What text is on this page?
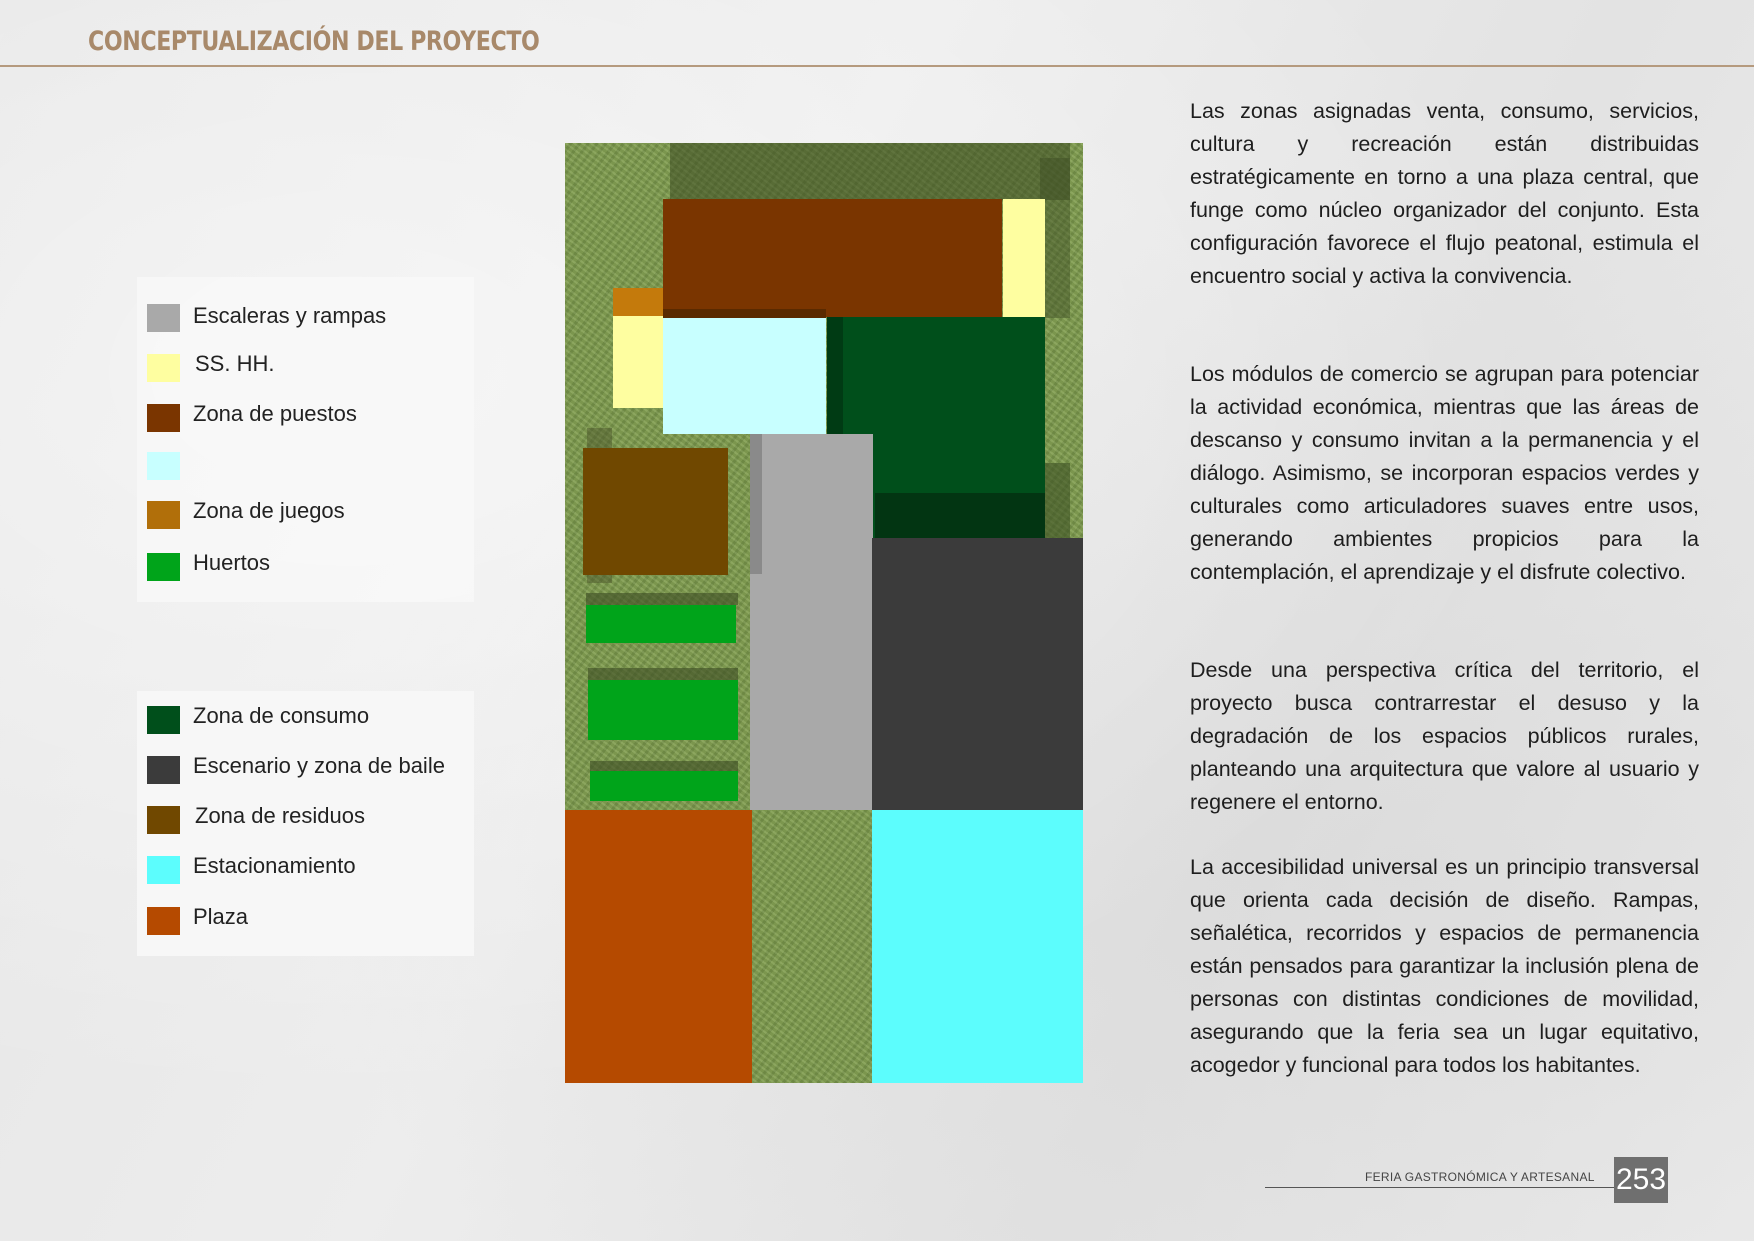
CONCEPTUALIZACIÓN DEL PROYECTO
Escaleras y rampas
SS. HH.
Zona de puestos
Zona de juegos
Huertos
Zona de consumo
Escenario y zona de baile
Zona de residuos
Estacionamiento
Plaza

Las zonas asignadas venta, consumo, servicios, cultura y recreación están distribuidas estratégicamente en torno a una plaza central, que funge como núcleo organizador del conjunto. Esta configuración favorece el flujo peatonal, estimula el encuentro social y activa la convivencia.

Los módulos de comercio se agrupan para potenciar la actividad económica, mientras que las áreas de descanso y consumo invitan a la permanencia y el diálogo. Asimismo, se incorporan espacios verdes y culturales como articuladores suaves entre usos, generando ambientes propicios para la contemplación, el aprendizaje y el disfrute colectivo.

Desde una perspectiva crítica del territorio, el proyecto busca contrarrestar el desuso y la degradación de los espacios públicos rurales, planteando una arquitectura que valore al usuario y regenere el entorno.

La accesibilidad universal es un principio transversal que orienta cada decisión de diseño. Rampas, señalética, recorridos y espacios de permanencia están pensados para garantizar la inclusión plena de personas con distintas condiciones de movilidad, asegurando que la feria sea un lugar equitativo, acogedor y funcional para todos los habitantes.

FERIA GASTRONÓMICA Y ARTESANAL 253
